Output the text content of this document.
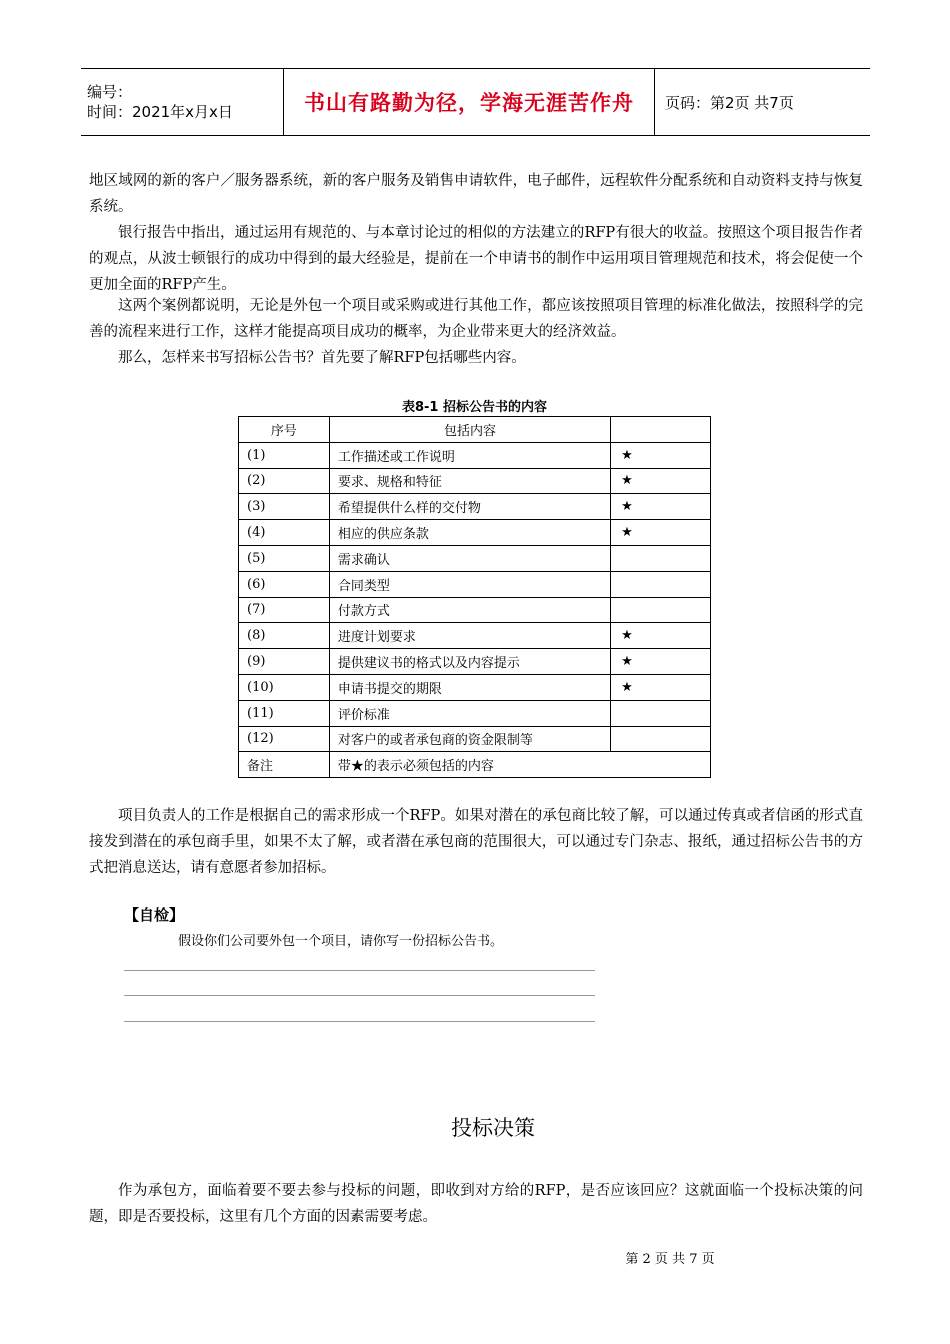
编号：
时间：2021年x月x日	书山有路勤为径，学海无涯苦作舟 页码：第2页 共7页

地区域网的新的客户／服务器系统，新的客户服务及销售申请软件，电子邮件，远程软件分配系统和自动资料支持与恢复系统。

银行报告中指出，通过运用有规范的、与本章讨论过的相似的方法建立的RFP有很大的收益。按照这个项目报告作者的观点，从波士顿银行的成功中得到的最大经验是，提前在一个申请书的制作中运用项目管理规范和技术，将会促使一个更加全面的RFP产生。

这两个案例都说明，无论是外包一个项目或采购或进行其他工作，都应该按照项目管理的标准化做法，按照科学的完善的流程来进行工作，这样才能提高项目成功的概率，为企业带来更大的经济效益。

那么，怎样来书写招标公告书？首先要了解RFP包括哪些内容。

表8-1 招标公告书的内容
序号	包括内容	
(1)	工作描述或工作说明	★
(2)	要求、规格和特征	★
(3)	希望提供什么样的交付物	★
(4)	相应的供应条款	★
(5)	需求确认	
(6)	合同类型	
(7)	付款方式	
(8)	进度计划要求	★
(9)	提供建议书的格式以及内容提示	★
(10)	申请书提交的期限	★
(11)	评价标准	
(12)	对客户的或者承包商的资金限制等	
备注	带★的表示必须包括的内容	

项目负责人的工作是根据自己的需求形成一个RFP。如果对潜在的承包商比较了解，可以通过传真或者信函的形式直接发到潜在的承包商手里，如果不太了解，或者潜在承包商的范围很大，可以通过专门杂志、报纸，通过招标公告书的方式把消息送达，请有意愿者参加招标。

【自检】
假设你们公司要外包一个项目，请你写一份招标公告书。
投标决策

作为承包方，面临着要不要去参与投标的问题，即收到对方给的RFP，是否应该回应？这就面临一个投标决策的问题，即是否要投标，这里有几个方面的因素需要考虑。

第 2 页 共 7 页
